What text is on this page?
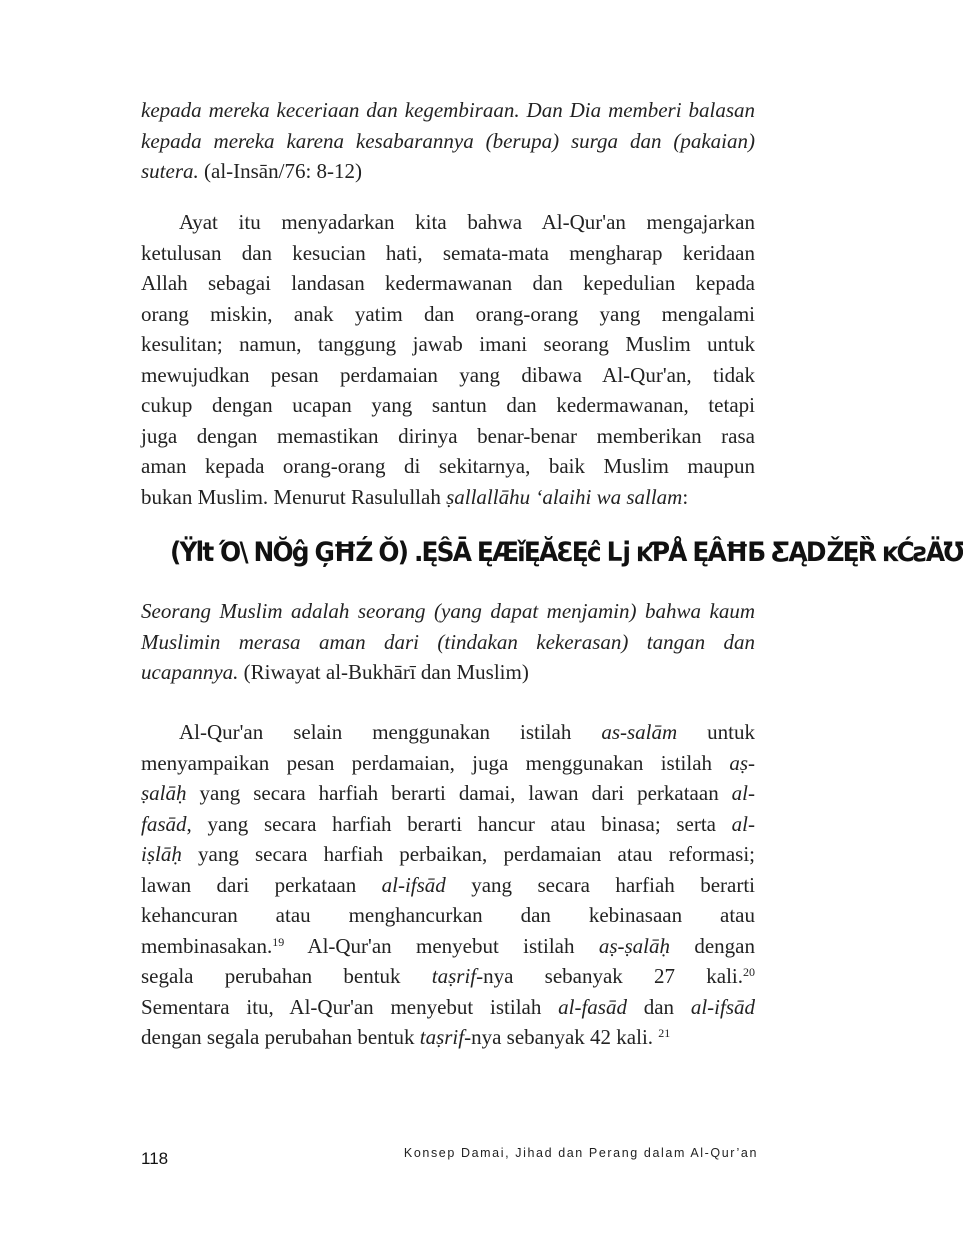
kepada mereka keceriaan dan kegembiraan. Dan Dia memberi balasan
kepada mereka karena kesabarannya (berupa) surga dan (pakaian)
sutera. (al-Insān/76: 8-12)
Ayat itu menyadarkan kita bahwa Al-Qur'an mengajarkan
ketulusan dan kesucian hati, semata-mata mengharap keridaan
Allah sebagai landasan kedermawanan dan kepedulian kepada
orang miskin, anak yatim dan orang-orang yang mengalami
kesulitan; namun, tanggung jawab imani seorang Muslim untuk
mewujudkan pesan perdamaian yang dibawa Al-Qur'an, tidak
cukup dengan ucapan yang santun dan kedermawanan, tetapi
juga dengan memastikan dirinya benar-benar memberikan rasa
aman kepada orang-orang di sekitarnya, baik Muslim maupun
bukan Muslim. Menurut Rasulullah ṣallallāhu ‘alaihi wa sallam:
(Ÿlt Ό\ NŎĝ ĢĦŹ Ǒ) .ĘŜĀ ĘÆǐĘĂƐĘĉ ǈ ĸƤÅ ĘÂĦƂ ƸĄǄĘȐ ĸĆƨÄƱ
Seorang Muslim adalah seorang (yang dapat menjamin) bahwa kaum
Muslimin merasa aman dari (tindakan kekerasan) tangan dan
ucapannya. (Riwayat al-Bukhārī dan Muslim)
Al-Qur'an selain menggunakan istilah as-salām untuk
menyampaikan pesan perdamaian, juga menggunakan istilah aṣ-
ṣalāḥ yang secara harfiah berarti damai, lawan dari perkataan al-
fasād, yang secara harfiah berarti hancur atau binasa; serta al-
iṣlāḥ yang secara harfiah perbaikan, perdamaian atau reformasi;
lawan dari perkataan al-ifsād yang secara harfiah berarti
kehancuran atau menghancurkan dan kebinasaan atau
membinasakan.$^{19}$ Al-Qur'an menyebut istilah aṣ-ṣalāḥ dengan
segala perubahan bentuk taṣrif-nya sebanyak 27 kali.$^{20}$
Sementara itu, Al-Qur'an menyebut istilah al-fasād dan al-ifsād
dengan segala perubahan bentuk taṣrif-nya sebanyak 42 kali. $^{21}$
118	Konsep Damai, Jihad dan Perang dalam Al-Qur’an
